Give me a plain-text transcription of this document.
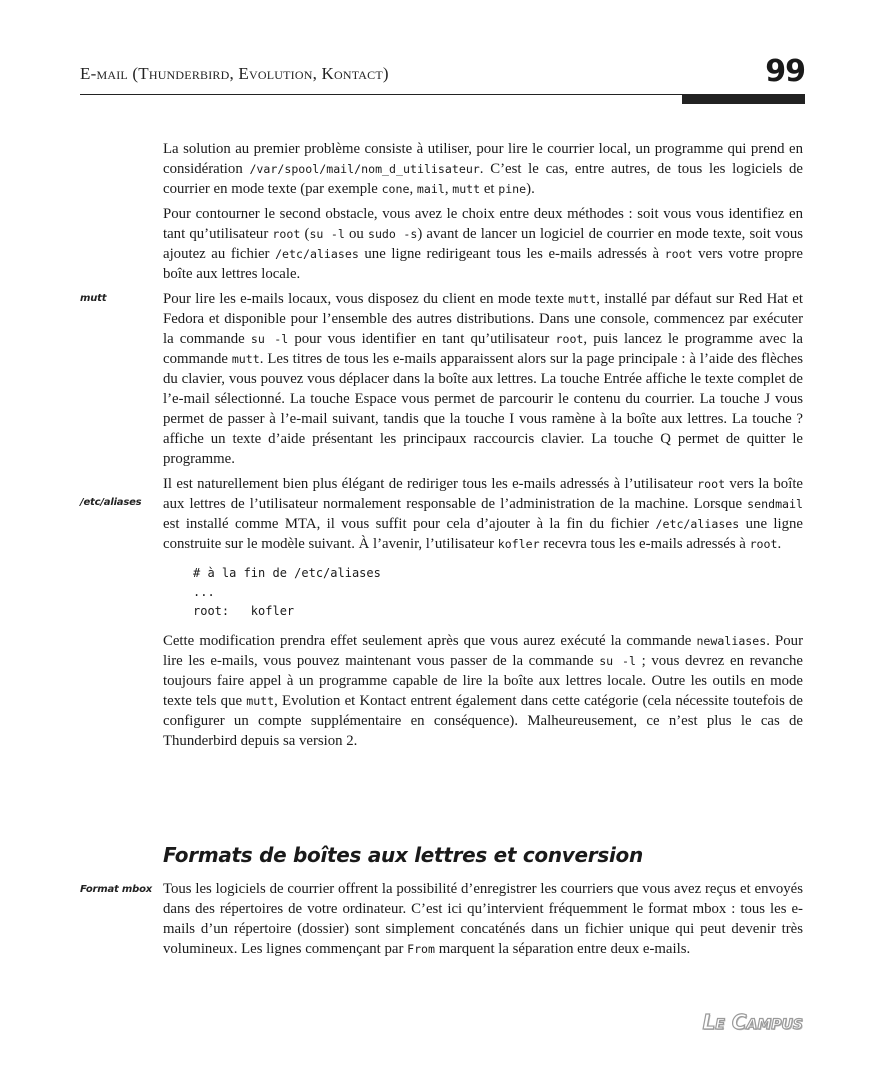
E-mail (Thunderbird, Evolution, Kontact)	99
mutt
/etc/aliases
Format mbox

La solution au premier problème consiste à utiliser, pour lire le courrier local, un programme qui prend en considération /var/spool/mail/nom_d_utilisateur. C’est le cas, entre autres, de tous les logiciels de courrier en mode texte (par exemple cone, mail, mutt et pine).

Pour contourner le second obstacle, vous avez le choix entre deux méthodes : soit vous vous identifiez en tant qu’utilisateur root (su -l ou sudo -s) avant de lancer un logiciel de courrier en mode texte, soit vous ajoutez au fichier /etc/aliases une ligne redirigeant tous les e-mails adressés à root vers votre propre boîte aux lettres locale.

Pour lire les e-mails locaux, vous disposez du client en mode texte mutt, installé par défaut sur Red Hat et Fedora et disponible pour l’ensemble des autres distributions. Dans une console, commencez par exécuter la commande su -l pour vous identifier en tant qu’utilisateur root, puis lancez le programme avec la commande mutt. Les titres de tous les e-mails apparaissent alors sur la page principale : à l’aide des flèches du clavier, vous pouvez vous déplacer dans la boîte aux lettres. La touche Entrée affiche le texte complet de l’e-mail sélectionné. La touche Espace vous permet de parcourir le contenu du courrier. La touche J vous permet de passer à l’e-mail suivant, tandis que la touche I vous ramène à la boîte aux lettres. La touche ? affiche un texte d’aide présentant les principaux raccourcis clavier. La touche Q permet de quitter le programme.

Il est naturellement bien plus élégant de rediriger tous les e-mails adressés à l’utilisateur root vers la boîte aux lettres de l’utilisateur normalement responsable de l’administration de la machine. Lorsque sendmail est installé comme MTA, il vous suffit pour cela d’ajouter à la fin du fichier /etc/aliases une ligne construite sur le modèle suivant. À l’avenir, l’utilisateur kofler recevra tous les e-mails adressés à root.

# à la fin de /etc/aliases
...
root:   kofler

Cette modification prendra effet seulement après que vous aurez exécuté la commande newaliases. Pour lire les e-mails, vous pouvez maintenant vous passer de la commande su -l ; vous devrez en revanche toujours faire appel à un programme capable de lire la boîte aux lettres locale. Outre les outils en mode texte tels que mutt, Evolution et Kontact entrent également dans cette catégorie (cela nécessite toutefois de configurer un compte supplémentaire en conséquence). Malheureusement, ce n’est plus le cas de Thunderbird depuis sa version 2.

Formats de boîtes aux lettres et conversion

Tous les logiciels de courrier offrent la possibilité d’enregistrer les courriers que vous avez reçus et envoyés dans des répertoires de votre ordinateur. C’est ici qu’intervient fréquemment le format mbox : tous les e-mails d’un répertoire (dossier) sont simplement concaténés dans un fichier unique qui peut devenir très volumineux. Les lignes commençant par From marquent la séparation entre deux e-mails.

Le Campus
